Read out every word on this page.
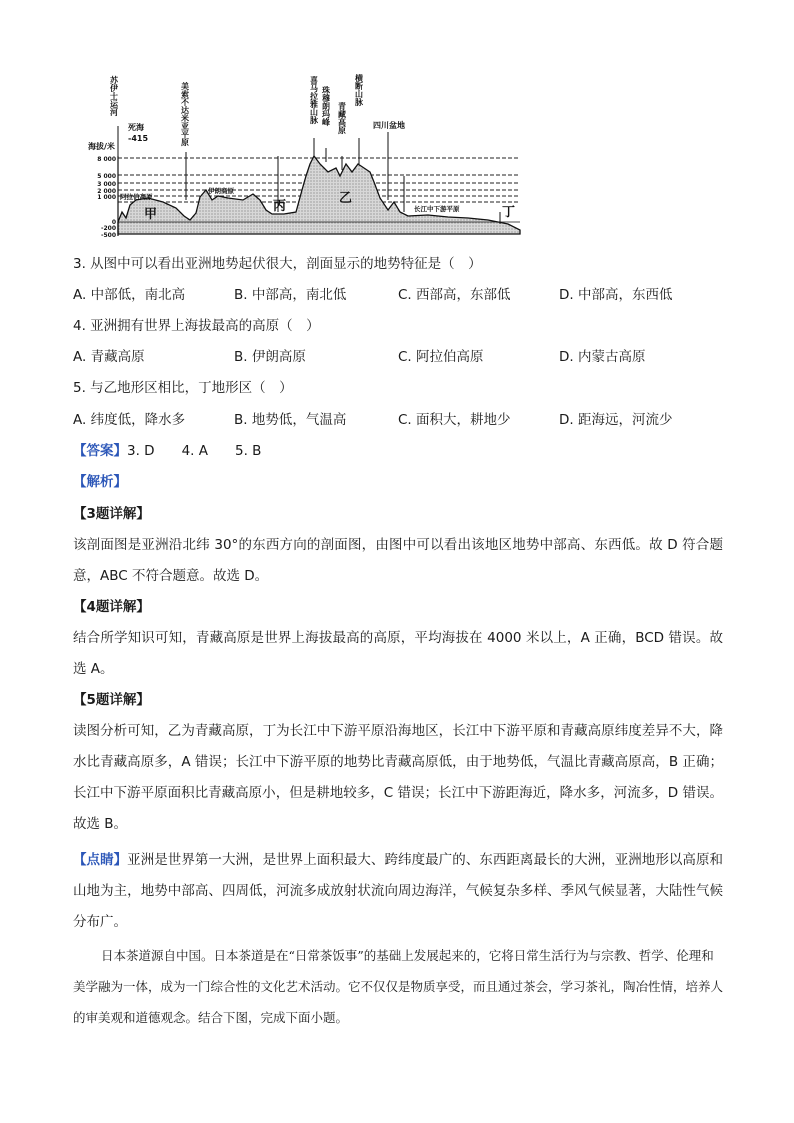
海拔/米
8 000
5 000
3 000
2 000
1 000
0
-200
-500
苏伊士运河
死海
-415	美索不达米亚平原	喜马拉雅山脉 珠穆朗玛峰 青藏高原
横断山脉
四川盆地
阿拉伯高原
伊朗高原
长江中下游平原
甲
丙
乙
丁
3. 从图中可以看出亚洲地势起伏很大，剖面显示的地势特征是（　）
A. 中部低，南北高	B. 中部高，南北低	C. 西部高，东部低	D. 中部高，东西低
4. 亚洲拥有世界上海拔最高的高原（　）
A. 青藏高原	B. 伊朗高原	C. 阿拉伯高原	D. 内蒙古高原
5. 与乙地形区相比，丁地形区（　）
A. 纬度低，降水多	B. 地势低，气温高	C. 面积大，耕地少	D. 距海远，河流少
【答案】3. D　　4. A　　5. B
【解析】
【3题详解】
该剖面图是亚洲沿北纬 30°的东西方向的剖面图，由图中可以看出该地区地势中部高、东西低。故 D 符合题意，ABC 不符合题意。故选 D。
【4题详解】
结合所学知识可知，青藏高原是世界上海拔最高的高原，平均海拔在 4000 米以上，A 正确，BCD 错误。故选 A。
【5题详解】
读图分析可知，乙为青藏高原，丁为长江中下游平原沿海地区，长江中下游平原和青藏高原纬度差异不大，降水比青藏高原多，A 错误；长江中下游平原的地势比青藏高原低，由于地势低，气温比青藏高原高，B 正确；长江中下游平原面积比青藏高原小，但是耕地较多，C 错误；长江中下游距海近，降水多，河流多，D 错误。故选 B。
【点睛】亚洲是世界第一大洲，是世界上面积最大、跨纬度最广的、东西距离最长的大洲，亚洲地形以高原和山地为主，地势中部高、四周低，河流多成放射状流向周边海洋，气候复杂多样、季风气候显著，大陆性气候分布广。
日本茶道源自中国。日本茶道是在“日常茶饭事”的基础上发展起来的，它将日常生活行为与宗教、哲学、伦理和美学融为一体，成为一门综合性的文化艺术活动。它不仅仅是物质享受，而且通过茶会，学习茶礼，陶冶性情，培养人的审美观和道德观念。结合下图，完成下面小题。
